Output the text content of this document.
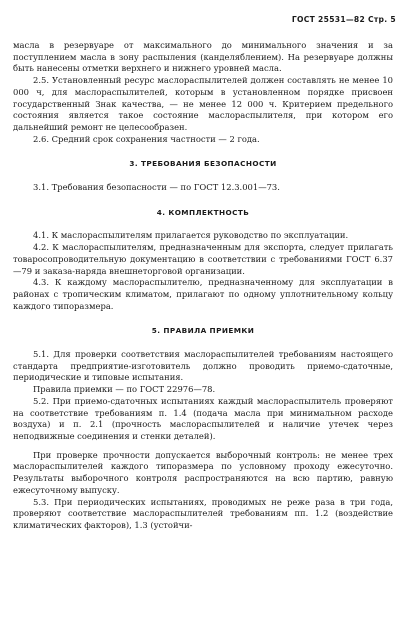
ГОСТ 25531—82 Стр. 5

масла в резервуаре от максимального до минимального значения и за поступлением масла в зону распыления (канделяблением). На резервуаре должны быть нанесены отметки верхнего и нижнего уровней масла.

2.5. Установленный ресурс маслораспылителей должен составлять не менее 10 000 ч, для маслораспылителей, которым в установленном порядке присвоен государственный Знак качества, — не менее 12 000 ч. Критерием предельного состояния является такое состояние маслораспылителя, при котором его дальнейший ремонт не целесообразен.

2.6. Средний срок сохранения частности — 2 года.

3. ТРЕБОВАНИЯ БЕЗОПАСНОСТИ

3.1. Требования безопасности — по ГОСТ 12.3.001—73.

4. КОМПЛЕКТНОСТЬ

4.1. К маслораспылителям прилагается руководство по эксплуатации.

4.2. К маслораспылителям, предназначенным для экспорта, следует прилагать товаросопроводительную документацию в соответствии с требованиями ГОСТ 6.37—79 и заказа-наряда внешнеторговой организации.

4.3. К каждому маслораспылителю, предназначенному для эксплуатации в районах с тропическим климатом, прилагают по одному уплотнительному кольцу каждого типоразмера.

5. ПРАВИЛА ПРИЕМКИ

5.1. Для проверки соответствия маслораспылителей требованиям настоящего стандарта предприятие-изготовитель должно проводить приемо-сдаточные, периодические и типовые испытания.

Правила приемки — по ГОСТ 22976—78.

5.2. При приемо-сдаточных испытаниях каждый маслораспылитель проверяют на соответствие требованиям п. 1.4 (подача масла при минимальном расходе воздуха) и п. 2.1 (прочность маслораспылителей и наличие утечек через неподвижные соединения и стенки деталей).

При проверке прочности допускается выборочный контроль: не менее трех маслораспылителей каждого типоразмера по условному проходу ежесуточно. Результаты выборочного контроля распространяются на всю партию, равную ежесуточному выпуску.

5.3. При периодических испытаниях, проводимых не реже раза в три года, проверяют соответствие маслораспылителей требованиям пп. 1.2 (воздействие климатических факторов), 1.3 (устойчи-
